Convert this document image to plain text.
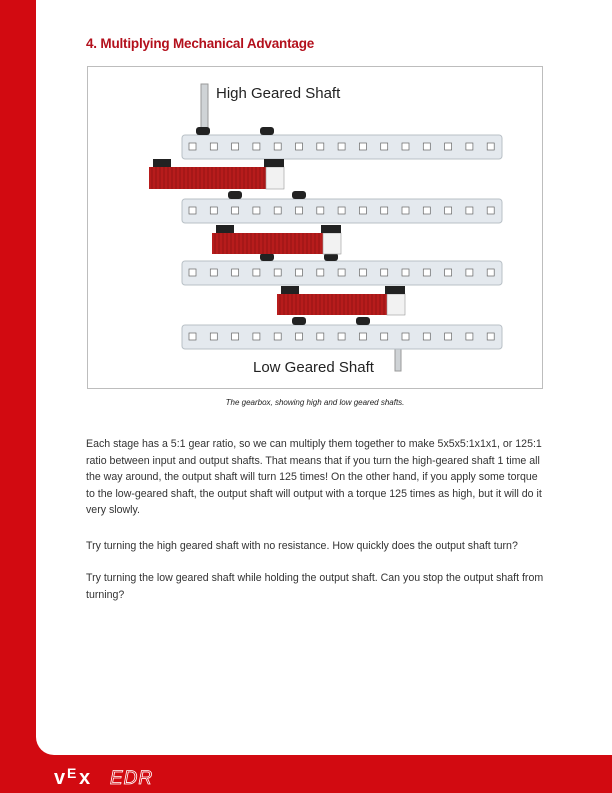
4. Multiplying Mechanical Advantage
High Geared Shaft
Low Geared Shaft
The gearbox, showing high and low geared shafts.

Each stage has a 5:1 gear ratio, so we can multiply them together to make 5x5x5:1x1x1, or 125:1 ratio between input and output shafts. That means that if you turn the high-geared shaft 1 time all the way around, the output shaft will turn 125 times! On the other hand, if you apply some torque to the low-geared shaft, the output shaft will output with a torque 125 times as high, but it will do it very slowly.

Try turning the high geared shaft with no resistance. How quickly does the output shaft turn?

Try turning the low geared shaft while holding the output shaft. Can you stop the output shaft from turning?

v E x EDR
